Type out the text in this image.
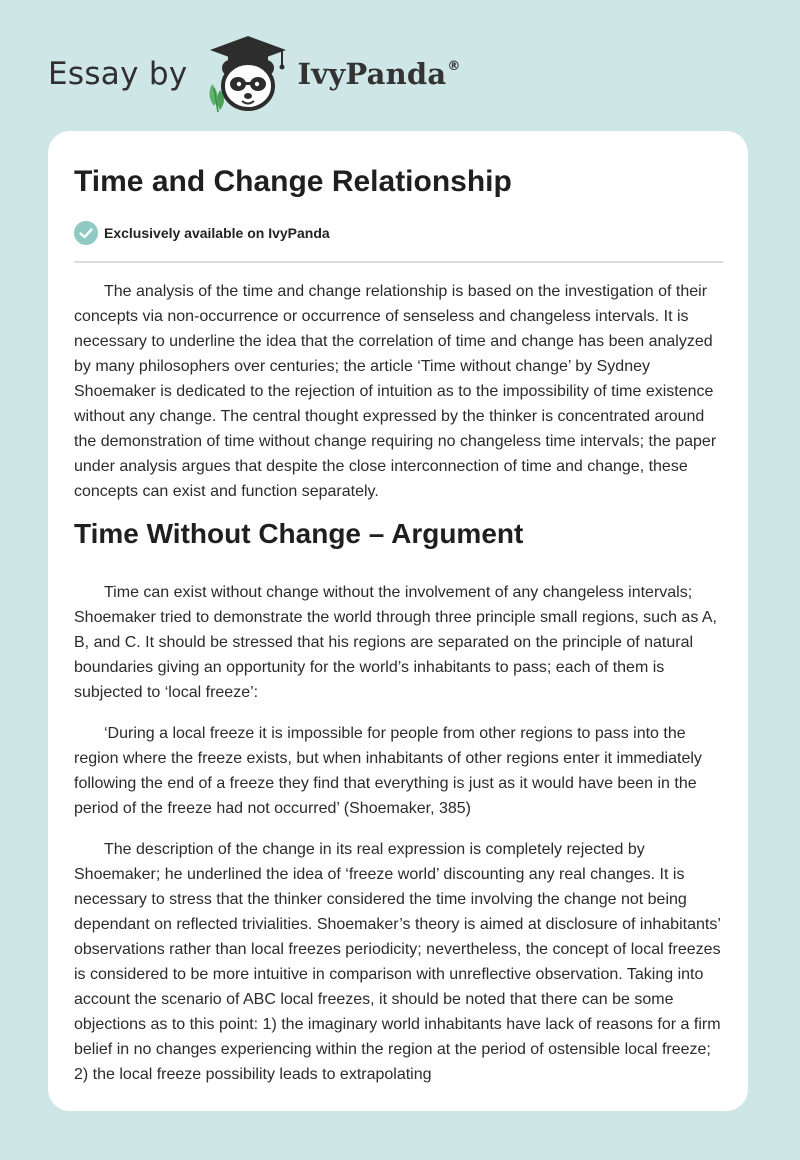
Essay by	IvyPanda®
Time and Change Relationship
Exclusively available on IvyPanda

The analysis of the time and change relationship is based on the investigation of their concepts via non-occurrence or occurrence of senseless and changeless intervals. It is necessary to underline the idea that the correlation of time and change has been analyzed by many philosophers over centuries; the article ‘Time without change’ by Sydney Shoemaker is dedicated to the rejection of intuition as to the impossibility of time existence without any change. The central thought expressed by the thinker is concentrated around the demonstration of time without change requiring no changeless time intervals; the paper under analysis argues that despite the close interconnection of time and change, these concepts can exist and function separately.

Time Without Change – Argument

Time can exist without change without the involvement of any changeless intervals; Shoemaker tried to demonstrate the world through three principle small regions, such as A, B, and C. It should be stressed that his regions are separated on the principle of natural boundaries giving an opportunity for the world’s inhabitants to pass; each of them is subjected to ‘local freeze’:

‘During a local freeze it is impossible for people from other regions to pass into the region where the freeze exists, but when inhabitants of other regions enter it immediately following the end of a freeze they find that everything is just as it would have been in the period of the freeze had not occurred’ (Shoemaker, 385)

The description of the change in its real expression is completely rejected by Shoemaker; he underlined the idea of ‘freeze world’ discounting any real changes. It is necessary to stress that the thinker considered the time involving the change not being dependant on reflected trivialities. Shoemaker’s theory is aimed at disclosure of inhabitants’ observations rather than local freezes periodicity; nevertheless, the concept of local freezes is considered to be more intuitive in comparison with unreflective observation. Taking into account the scenario of ABC local freezes, it should be noted that there can be some objections as to this point: 1) the imaginary world inhabitants have lack of reasons for a firm belief in no changes experiencing within the region at the period of ostensible local freeze; 2) the local freeze possibility leads to extrapolating
